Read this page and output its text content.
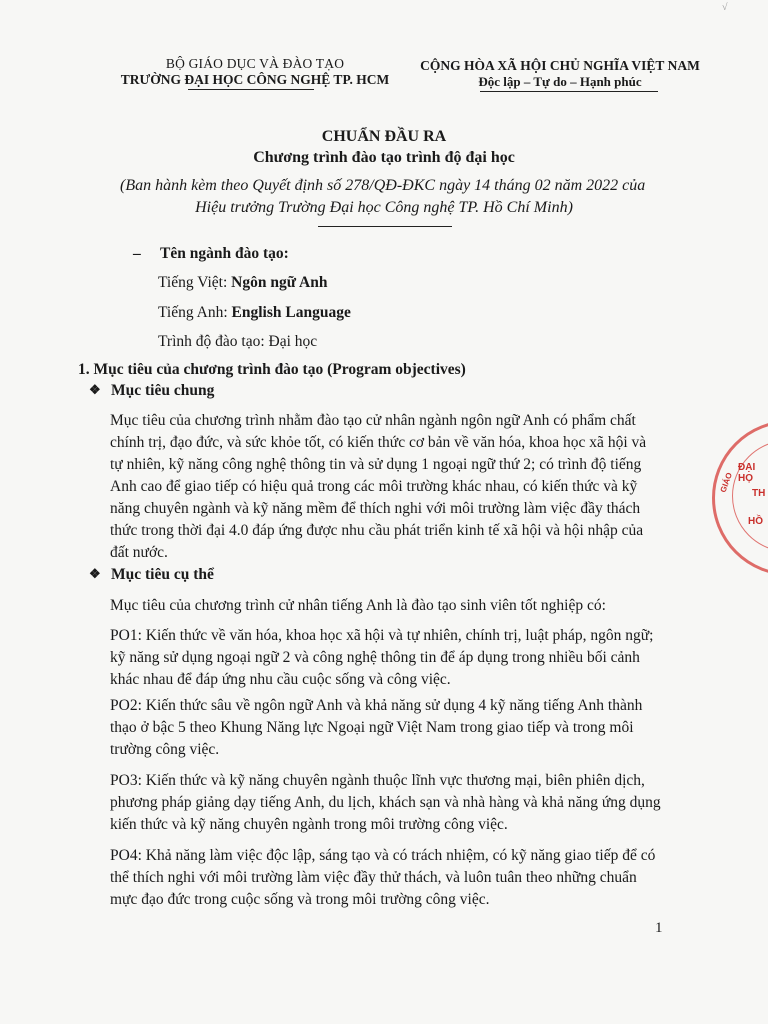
√
BỘ GIÁO DỤC VÀ ĐÀO TẠO
TRƯỜNG ĐẠI HỌC CÔNG NGHỆ TP. HCM
CỘNG HÒA XÃ HỘI CHỦ NGHĨA VIỆT NAM
Độc lập – Tự do – Hạnh phúc
CHUẨN ĐẦU RA
Chương trình đào tạo trình độ đại học
(Ban hành kèm theo Quyết định số 278/QĐ-ĐKC ngày 14 tháng 02 năm 2022 của
Hiệu trưởng Trường Đại học Công nghệ TP. Hồ Chí Minh)
– Tên ngành đào tạo:
Tiếng Việt: Ngôn ngữ Anh
Tiếng Anh: English Language
Trình độ đào tạo: Đại học
1. Mục tiêu của chương trình đào tạo (Program objectives)
❖ Mục tiêu chung
Mục tiêu của chương trình nhằm đào tạo cử nhân ngành ngôn ngữ Anh có phẩm chất
chính trị, đạo đức, và sức khỏe tốt, có kiến thức cơ bản về văn hóa, khoa học xã hội và
tự nhiên, kỹ năng công nghệ thông tin và sử dụng 1 ngoại ngữ thứ 2; có trình độ tiếng
Anh cao để giao tiếp có hiệu quả trong các môi trường khác nhau, có kiến thức và kỹ
năng chuyên ngành và kỹ năng mềm để thích nghi với môi trường làm việc đầy thách
thức trong thời đại 4.0 đáp ứng được nhu cầu phát triển kinh tế xã hội và hội nhập của
đất nước.
❖ Mục tiêu cụ thể
Mục tiêu của chương trình cử nhân tiếng Anh là đào tạo sinh viên tốt nghiệp có:
PO1: Kiến thức về văn hóa, khoa học xã hội và tự nhiên, chính trị, luật pháp, ngôn ngữ;
kỹ năng sử dụng ngoại ngữ 2 và công nghệ thông tin để áp dụng trong nhiều bối cảnh
khác nhau để đáp ứng nhu cầu cuộc sống và công việc.
PO2: Kiến thức sâu về ngôn ngữ Anh và khả năng sử dụng 4 kỹ năng tiếng Anh thành
thạo ở bậc 5 theo Khung Năng lực Ngoại ngữ Việt Nam trong giao tiếp và trong môi
trường công việc.
PO3: Kiến thức và kỹ năng chuyên ngành thuộc lĩnh vực thương mại, biên phiên dịch,
phương pháp giảng dạy tiếng Anh, du lịch, khách sạn và nhà hàng và khả năng ứng dụng
kiến thức và kỹ năng chuyên ngành trong môi trường công việc.
PO4: Khả năng làm việc độc lập, sáng tạo và có trách nhiệm, có kỹ năng giao tiếp để có
thể thích nghi với môi trường làm việc đầy thử thách, và luôn tuân theo những chuẩn
mực đạo đức trong cuộc sống và trong môi trường công việc.
ĐẠI HỌ
TH
HỒ
GIÁO
1
